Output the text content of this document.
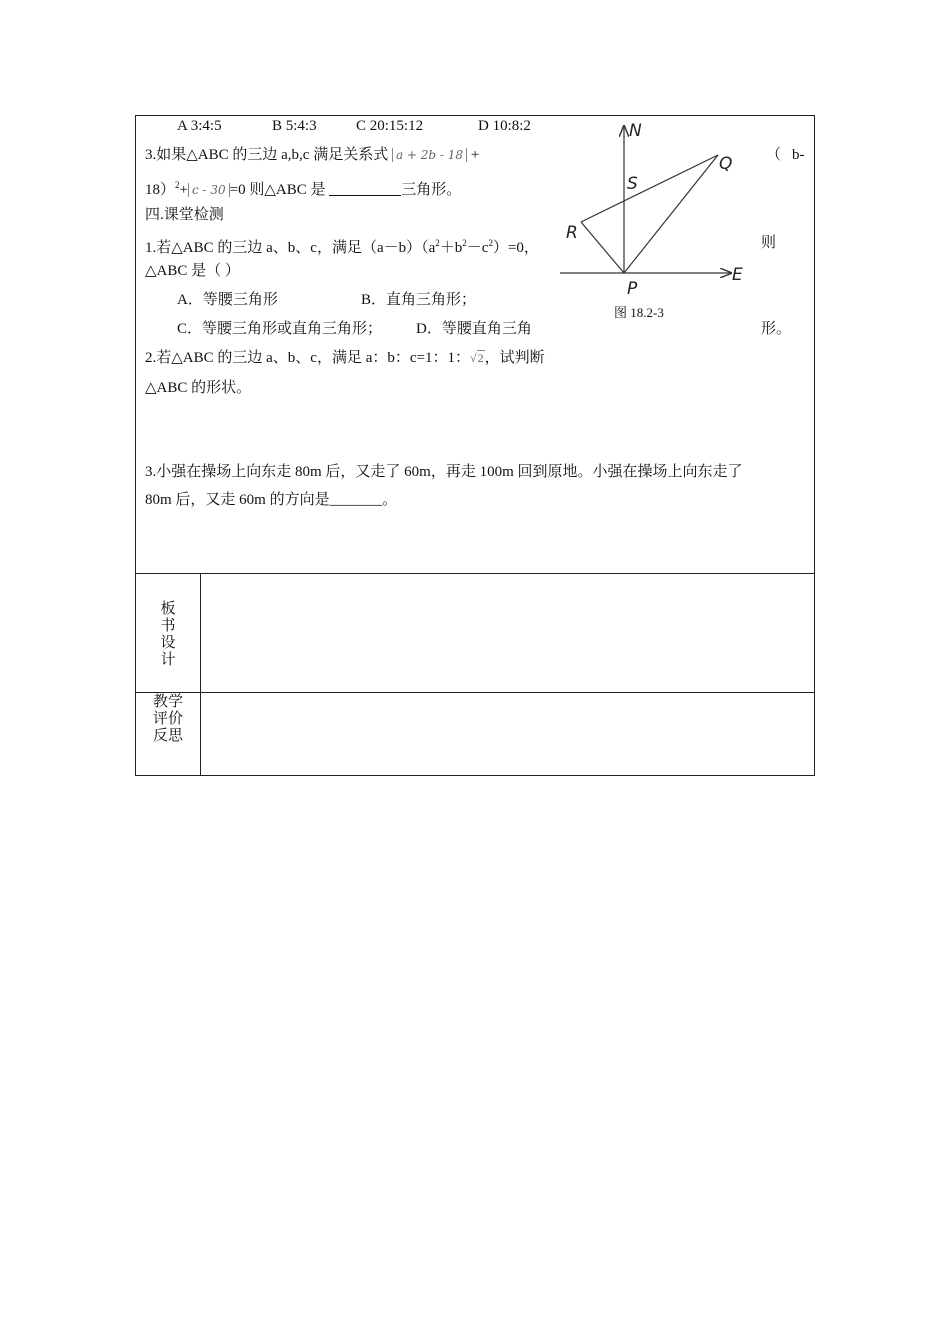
A 3:4:5	B 5:4:3	C 20:15:12	D 10:8:2
3.如果△ABC 的三边 a,b,c 满足关系式 a + 2b - 18 +	（ b-
18）$^2$+ c - 30 =0 则△ABC 是	三角形。
四.课堂检测
1.若△ABC 的三边 a、b、c，满足$(a-b)(a^2+b^2-c^2)=0$，	则
△ABC 是（ ）
A．等腰三角形	B．直角三角形；
C．等腰三角形或直角三角形； D．等腰直角三角	形。
2.若△ABC 的三边 a、b、c，满足 a：b：c=1：1：√2，试判断
△ABC 的形状。
3.小强在操场上向东走 80m 后，又走了 60m，再走 100m 回到原地。小强在操场上向东走了
80m 后，又走 60m 的方向是_______。
N
S
Q
R
P
E
图 18.2-3
板
书
设
计
教学
评价
反思
